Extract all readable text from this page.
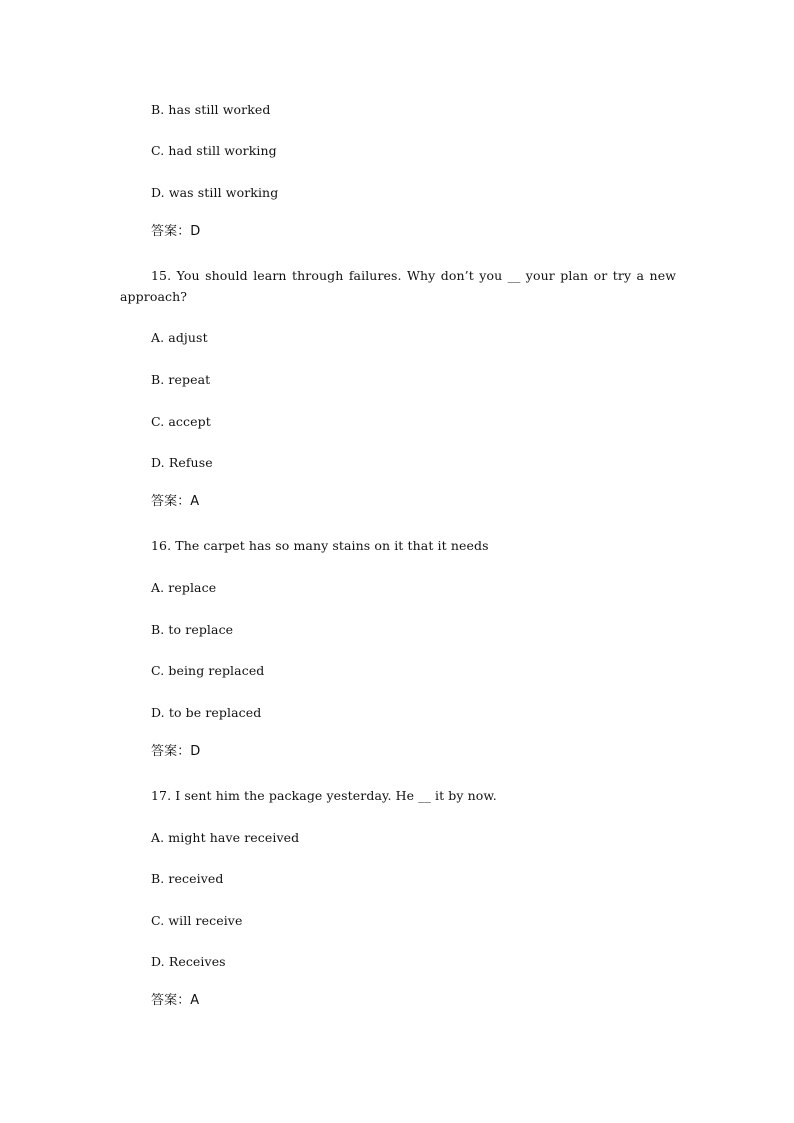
B. has still worked
C. had still working
D. was still working
答案：D
15. You should learn through failures. Why don’t you __ your plan or try a new approach?
A. adjust
B. repeat
C. accept
D. Refuse
答案：A
16. The carpet has so many stains on it that it needs
A. replace
B. to replace
C. being replaced
D. to be replaced
答案：D
17. I sent him the package yesterday. He __ it by now.
A. might have received
B. received
C. will receive
D. Receives
答案：A
